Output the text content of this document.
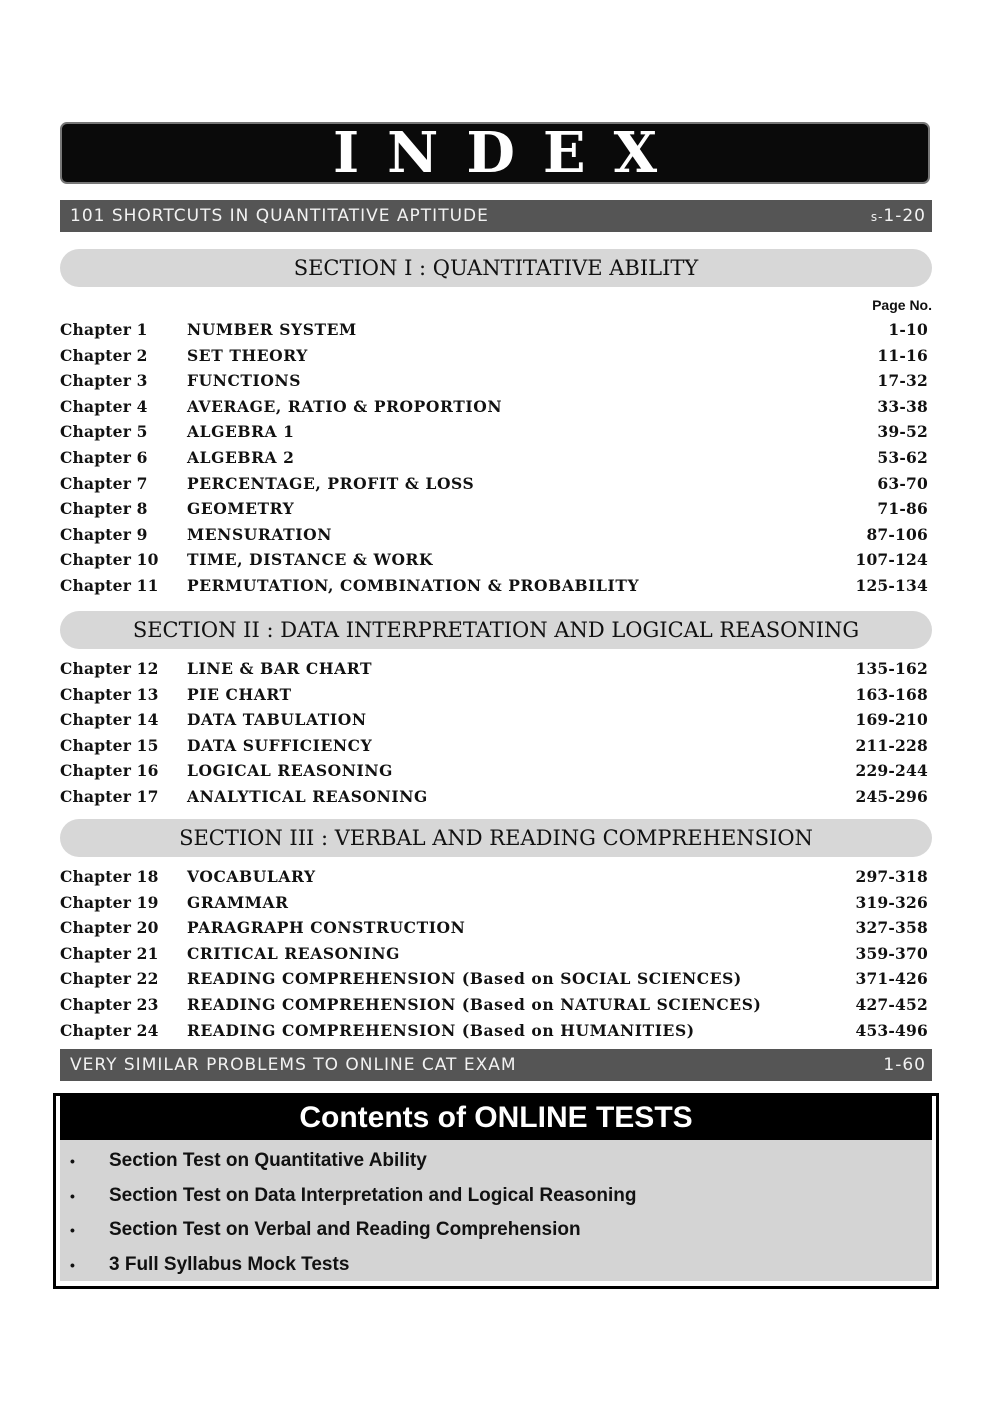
INDEX
101 SHORTCUTS IN QUANTITATIVE APTITUDE	s-1-20
SECTION I : QUANTITATIVE ABILITY
Page No.
Chapter 1	NUMBER SYSTEM	1-10
Chapter 2	SET THEORY	11-16
Chapter 3	FUNCTIONS	17-32
Chapter 4	AVERAGE, RATIO & PROPORTION	33-38
Chapter 5	ALGEBRA 1	39-52
Chapter 6	ALGEBRA 2	53-62
Chapter 7	PERCENTAGE, PROFIT & LOSS	63-70
Chapter 8	GEOMETRY	71-86
Chapter 9	MENSURATION	87-106
Chapter 10 TIME, DISTANCE & WORK	107-124
Chapter 11 PERMUTATION, COMBINATION & PROBABILITY	125-134
SECTION II : DATA INTERPRETATION AND LOGICAL REASONING
Chapter 12 LINE & BAR CHART	135-162
Chapter 13 PIE CHART	163-168
Chapter 14 DATA TABULATION	169-210
Chapter 15 DATA SUFFICIENCY	211-228
Chapter 16 LOGICAL REASONING	229-244
Chapter 17 ANALYTICAL REASONING	245-296
SECTION III : VERBAL AND READING COMPREHENSION
Chapter 18 VOCABULARY	297-318
Chapter 19 GRAMMAR	319-326
Chapter 20 PARAGRAPH CONSTRUCTION	327-358
Chapter 21 CRITICAL REASONING	359-370
Chapter 22 READING COMPREHENSION (Based on SOCIAL SCIENCES)	371-426
Chapter 23 READING COMPREHENSION (Based on NATURAL SCIENCES)	427-452
Chapter 24 READING COMPREHENSION (Based on HUMANITIES)	453-496
VERY SIMILAR PROBLEMS TO ONLINE CAT EXAM	1-60
Contents of ONLINE TESTS
• Section Test on Quantitative Ability
• Section Test on Data Interpretation and Logical Reasoning
• Section Test on Verbal and Reading Comprehension
• 3 Full Syllabus Mock Tests
